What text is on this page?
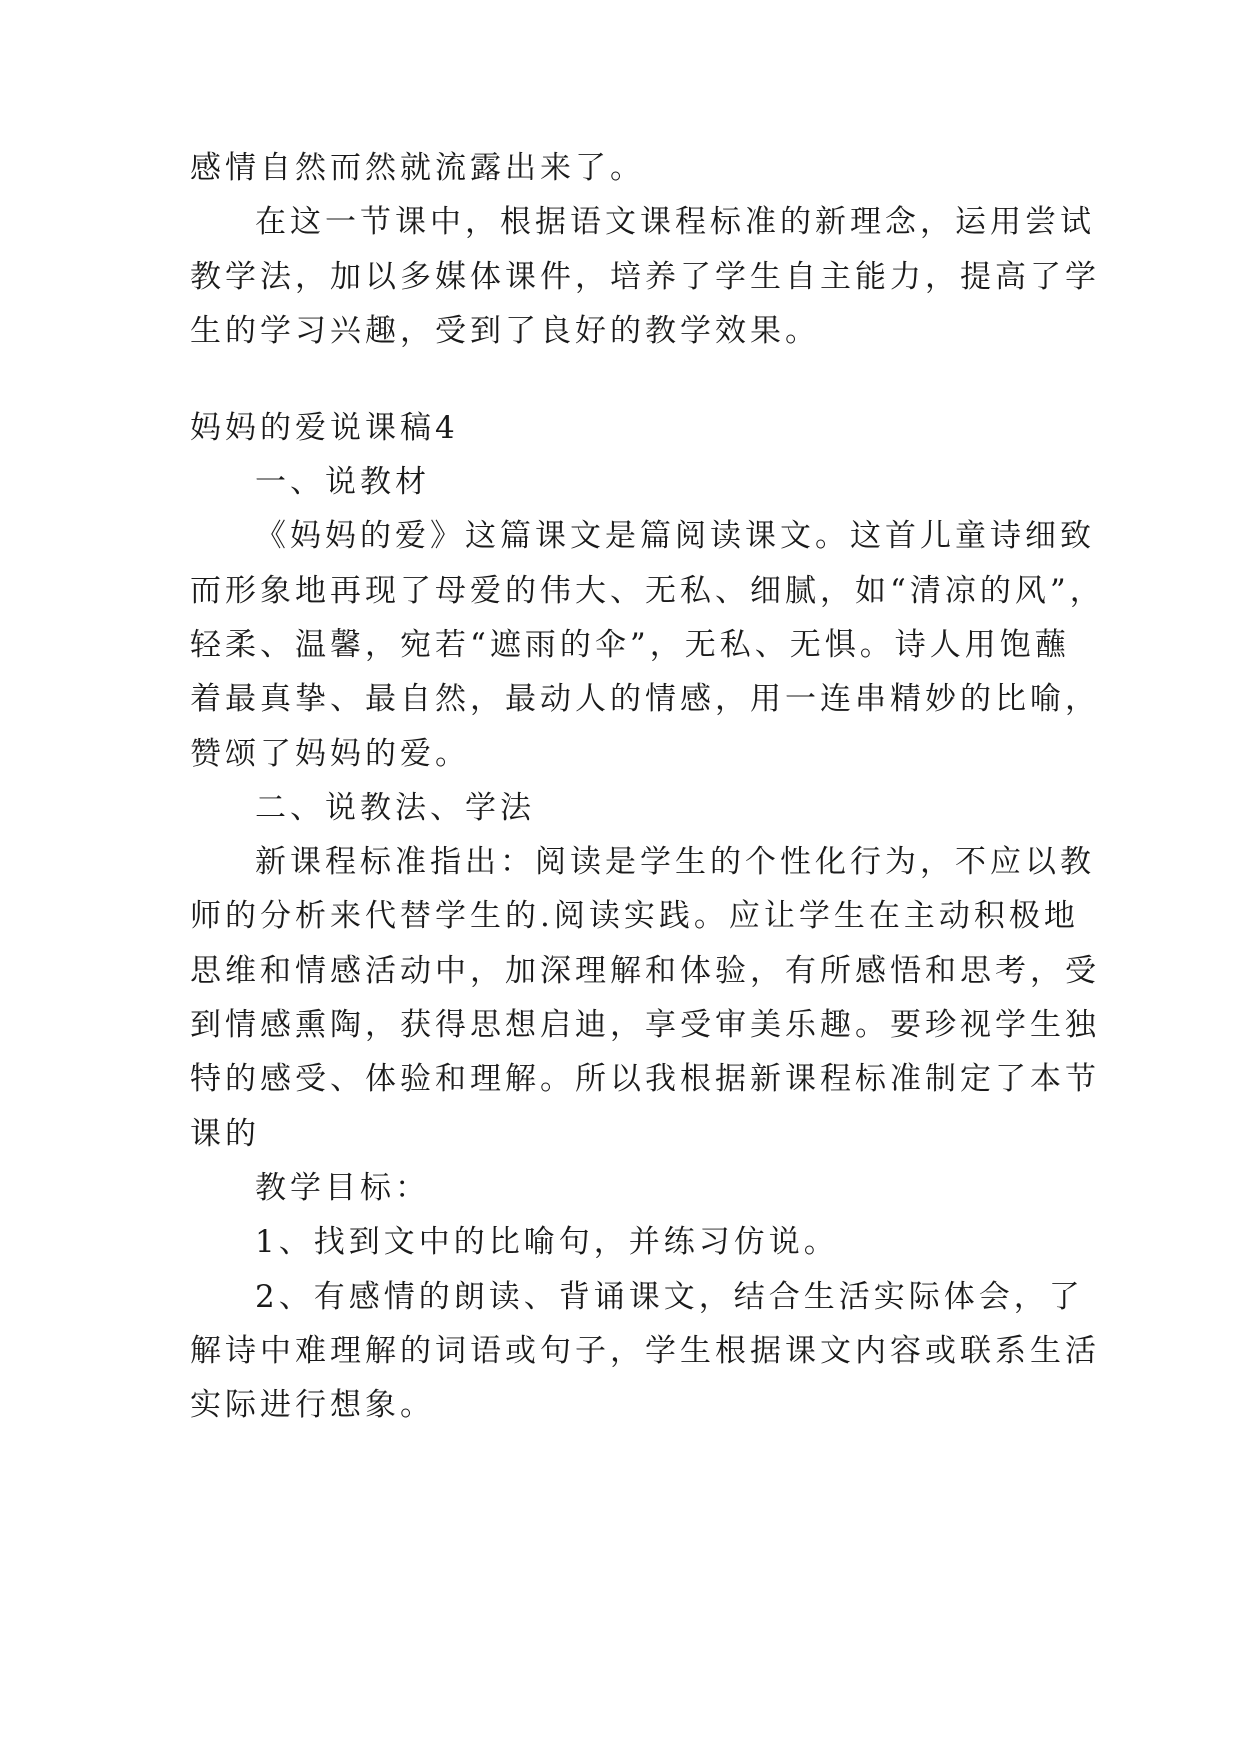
感情自然而然就流露出来了。

在这一节课中，根据语文课程标准的新理念，运用尝试

教学法，加以多媒体课件，培养了学生自主能力，提高了学

生的学习兴趣，受到了良好的教学效果。

妈妈的爱说课稿4

一、说教材

《妈妈的爱》这篇课文是篇阅读课文。这首儿童诗细致

而形象地再现了母爱的伟大、无私、细腻，如“清凉的风”，

轻柔、温馨，宛若“遮雨的伞”，无私、无惧。诗人用饱蘸

着最真挚、最自然，最动人的情感，用一连串精妙的比喻，

赞颂了妈妈的爱。

二、说教法、学法

新课程标准指出：阅读是学生的个性化行为，不应以教

师的分析来代替学生的.阅读实践。应让学生在主动积极地

思维和情感活动中，加深理解和体验，有所感悟和思考，受

到情感熏陶，获得思想启迪，享受审美乐趣。要珍视学生独

特的感受、体验和理解。所以我根据新课程标准制定了本节

课的

教学目标：

1、找到文中的比喻句，并练习仿说。

2、有感情的朗读、背诵课文，结合生活实际体会，了

解诗中难理解的词语或句子，学生根据课文内容或联系生活

实际进行想象。
